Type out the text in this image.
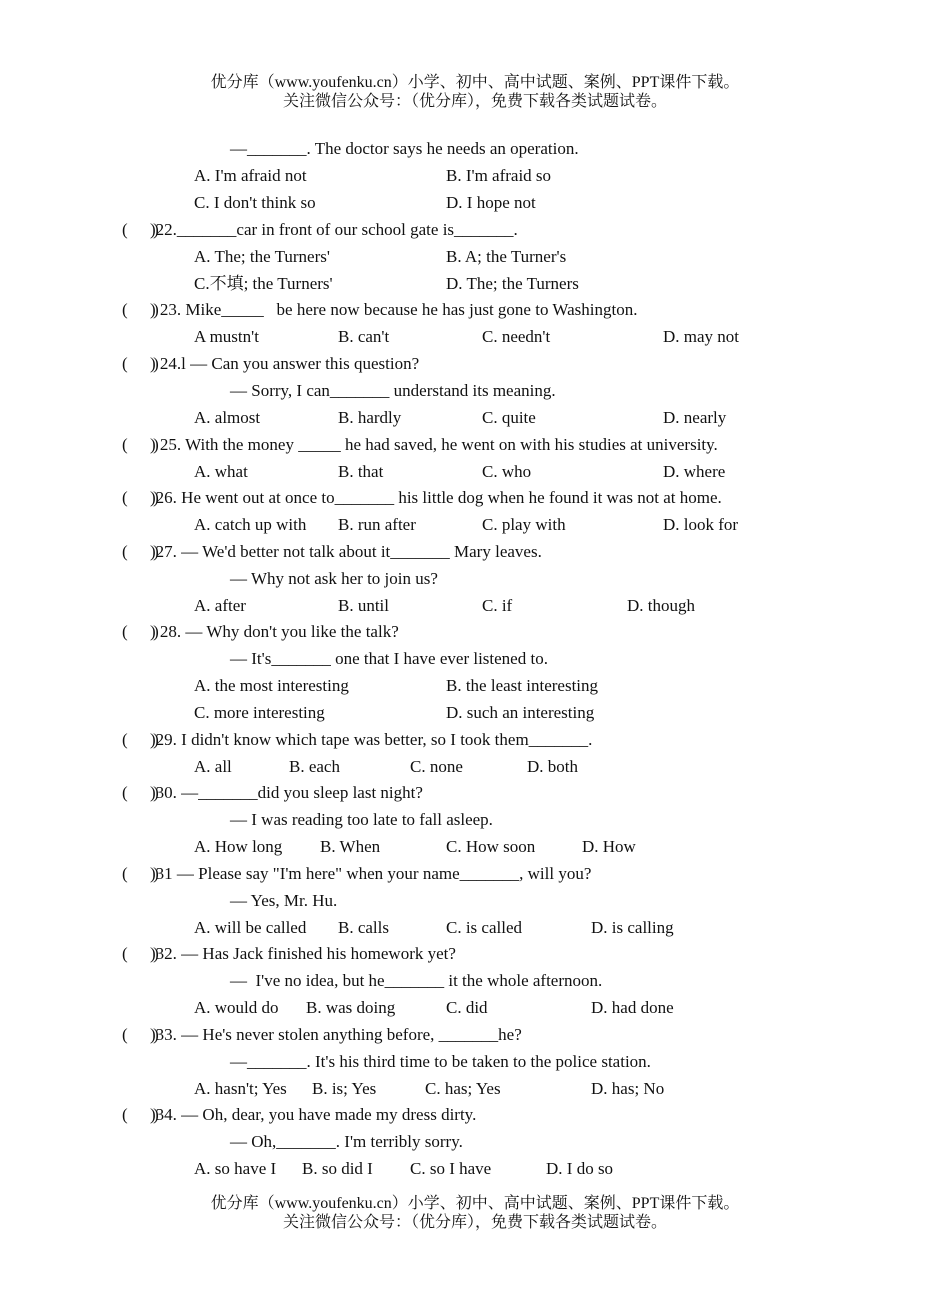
优分库（www.youfenku.cn）小学、初中、高中试题、案例、PPT课件下载。
关注微信公众号：（优分库），免费下载各类试题试卷。
—_______. The doctor says he needs an operation.
A. I'm afraid not	B. I'm afraid so
C. I don't think so	D. I hope not
(      )
)22._______car in front of our school gate is_______.
A. The; the Turners'	B. A; the Turner's
C.不填; the Turners'	D. The; the Turners
(      )
) 23. Mike_____   be here now because he has just gone to Washington.
A mustn't	B. can't	C. needn't	D. may not
(      )
) 24.l — Can you answer this question?
— Sorry, I can_______ understand its meaning.
A. almost	B. hardly	C. quite	D. nearly
(      )
) 25. With the money _____ he had saved, he went on with his studies at university.
A. what	B. that	C. who	D. where
(      )
)26. He went out at once to_______ his little dog when he found it was not at home.
A. catch up with B. run after	C. play with	D. look for
(      )
)27. — We'd better not talk about it_______ Mary leaves.
— Why not ask her to join us?
A. after	B. until	C. if	D. though
(      )
) 28. — Why don't you like the talk?
— It's_______ one that I have ever listened to.
A. the most interesting	B. the least interesting
C. more interesting	D. such an interesting
(      )
)29. I didn't know which tape was better, so I took them_______.
A. all	B. each	C. none	D. both
(      )
)30. —_______did you sleep last night?
— I was reading too late to fall asleep.
A. How long B. When	C. How soon	D. How
(      )
)31 — Please say "I'm here" when your name_______, will you?
— Yes, Mr. Hu.
A. will be called B. calls	C. is called	D. is calling
(      )
)32. — Has Jack finished his homework yet?
—  I've no idea, but he_______ it the whole afternoon.
A. would do B. was doing	C. did	D. had done
(      )
)33. — He's never stolen anything before, _______he?
—_______. It's his third time to be taken to the police station.
A. hasn't; Yes B. is; Yes	C. has; Yes	D. has; No
(      )
)34. — Oh, dear, you have made my dress dirty.
— Oh,_______. I'm terribly sorry.
A. so have I B. so did I C. so I have	D. I do so
优分库（www.youfenku.cn）小学、初中、高中试题、案例、PPT课件下载。
关注微信公众号：（优分库），免费下载各类试题试卷。
